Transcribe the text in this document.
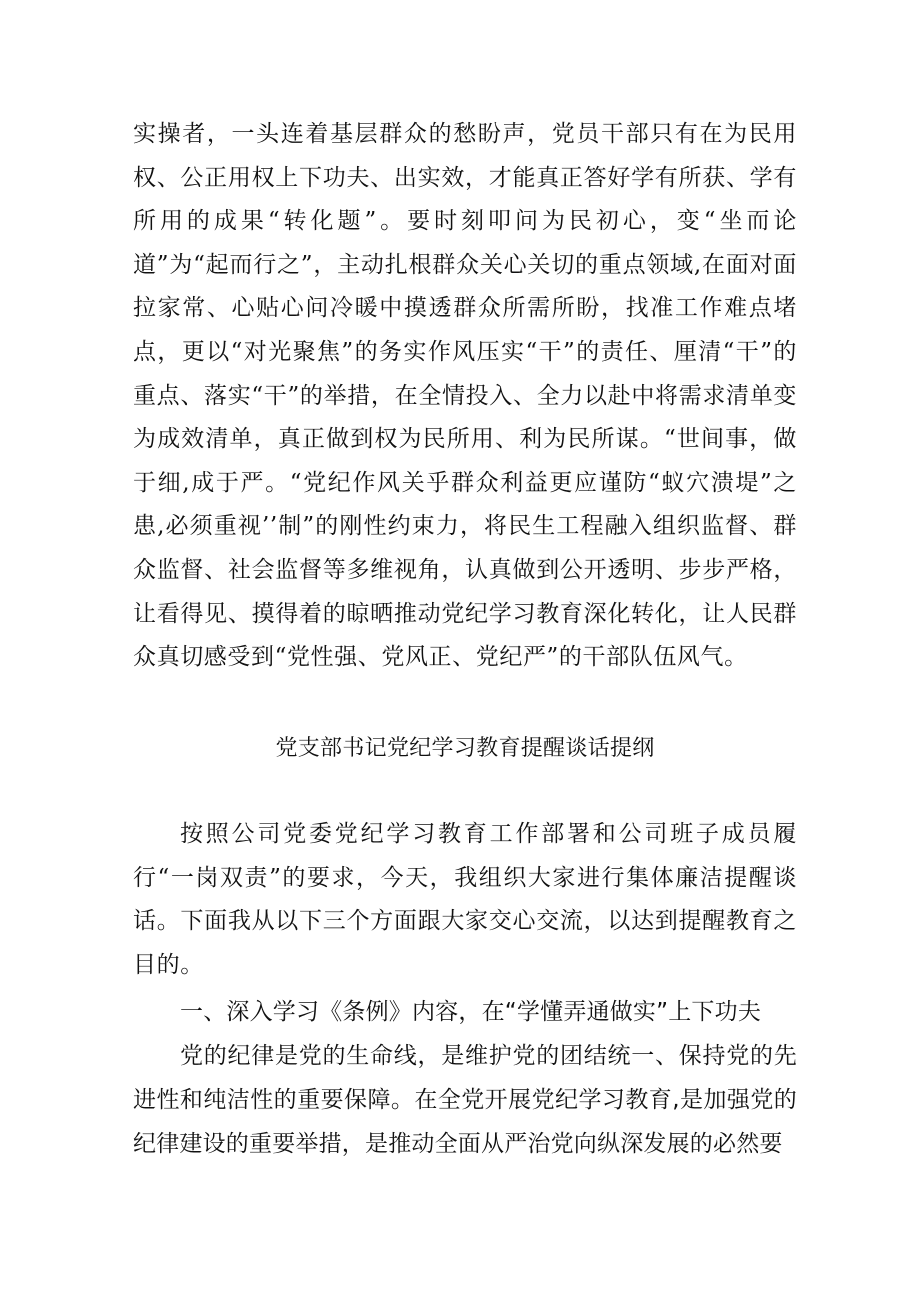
实操者，一头连着基层群众的愁盼声，党员干部只有在为民用权、公正用权上下功夫、出实效，才能真正答好学有所获、学有所用的成果“转化题”。要时刻叩问为民初心，变“坐而论道”为“起而行之”，主动扎根群众关心关切的重点领域,在面对面拉家常、心贴心问冷暖中摸透群众所需所盼，找准工作难点堵点，更以“对光聚焦”的务实作风压实“干”的责任、厘清“干”的重点、落实“干”的举措，在全情投入、全力以赴中将需求清单变为成效清单，真正做到权为民所用、利为民所谋。“世间事，做于细,成于严。“党纪作风关乎群众利益更应谨防“蚁穴溃堤”之患,必须重视’’制”的刚性约束力，将民生工程融入组织监督、群众监督、社会监督等多维视角，认真做到公开透明、步步严格，让看得见、摸得着的晾晒推动党纪学习教育深化转化，让人民群众真切感受到“党性强、党风正、党纪严”的干部队伍风气。

党支部书记党纪学习教育提醒谈话提纲

按照公司党委党纪学习教育工作部署和公司班子成员履行“一岗双责”的要求，今天，我组织大家进行集体廉洁提醒谈话。下面我从以下三个方面跟大家交心交流，以达到提醒教育之目的。

一、深入学习《条例》内容，在“学懂弄通做实”上下功夫

党的纪律是党的生命线，是维护党的团结统一、保持党的先进性和纯洁性的重要保障。在全党开展党纪学习教育,是加强党的纪律建设的重要举措，是推动全面从严治党向纵深发展的必然要
